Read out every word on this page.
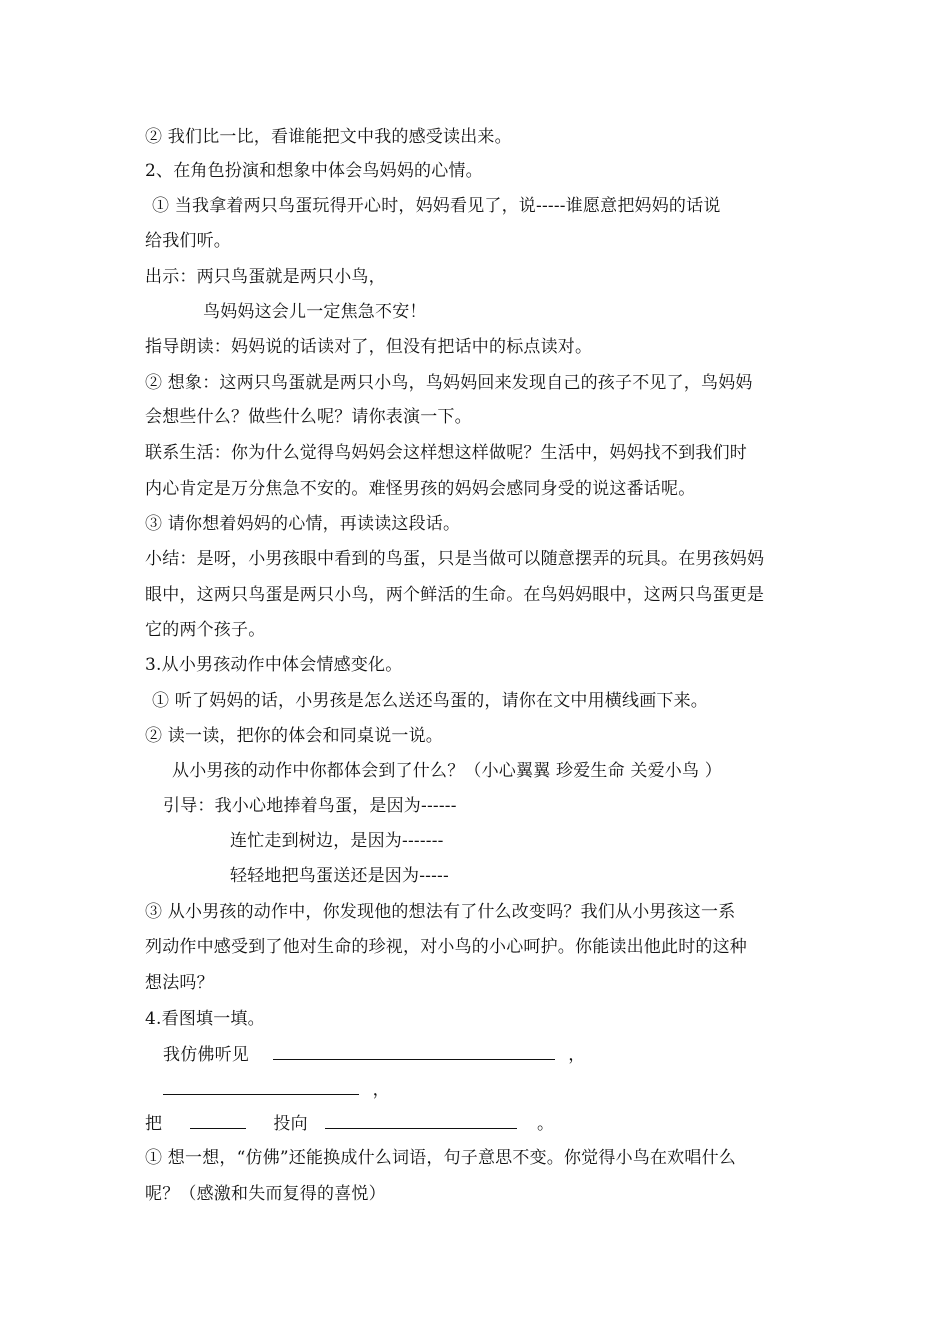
② 我们比一比，看谁能把文中我的感受读出来。
2、在角色扮演和想象中体会鸟妈妈的心情。
① 当我拿着两只鸟蛋玩得开心时，妈妈看见了，说-----谁愿意把妈妈的话说
给我们听。
出示：两只鸟蛋就是两只小鸟，
鸟妈妈这会儿一定焦急不安！
指导朗读：妈妈说的话读对了，但没有把话中的标点读对。
② 想象：这两只鸟蛋就是两只小鸟，鸟妈妈回来发现自己的孩子不见了，鸟妈妈
会想些什么？做些什么呢？请你表演一下。
联系生活：你为什么觉得鸟妈妈会这样想这样做呢？生活中，妈妈找不到我们时
内心肯定是万分焦急不安的。难怪男孩的妈妈会感同身受的说这番话呢。
③ 请你想着妈妈的心情，再读读这段话。
小结：是呀，小男孩眼中看到的鸟蛋，只是当做可以随意摆弄的玩具。在男孩妈妈
眼中，这两只鸟蛋是两只小鸟，两个鲜活的生命。在鸟妈妈眼中，这两只鸟蛋更是
它的两个孩子。
3.从小男孩动作中体会情感变化。
① 听了妈妈的话，小男孩是怎么送还鸟蛋的，请你在文中用横线画下来。
② 读一读，把你的体会和同桌说一说。
从小男孩的动作中你都体会到了什么？（小心翼翼 珍爱生命 关爱小鸟 ）
引导：我小心地捧着鸟蛋，是因为------
连忙走到树边，是因为-------
轻轻地把鸟蛋送还是因为-----
③ 从小男孩的动作中，你发现他的想法有了什么改变吗？我们从小男孩这一系
列动作中感受到了他对生命的珍视，对小鸟的小心呵护。你能读出他此时的这种
想法吗？
4.看图填一填。
我仿佛听见	，
，
把	投向	。
① 想一想，“仿佛”还能换成什么词语，句子意思不变。你觉得小鸟在欢唱什么
呢？（感激和失而复得的喜悦）
